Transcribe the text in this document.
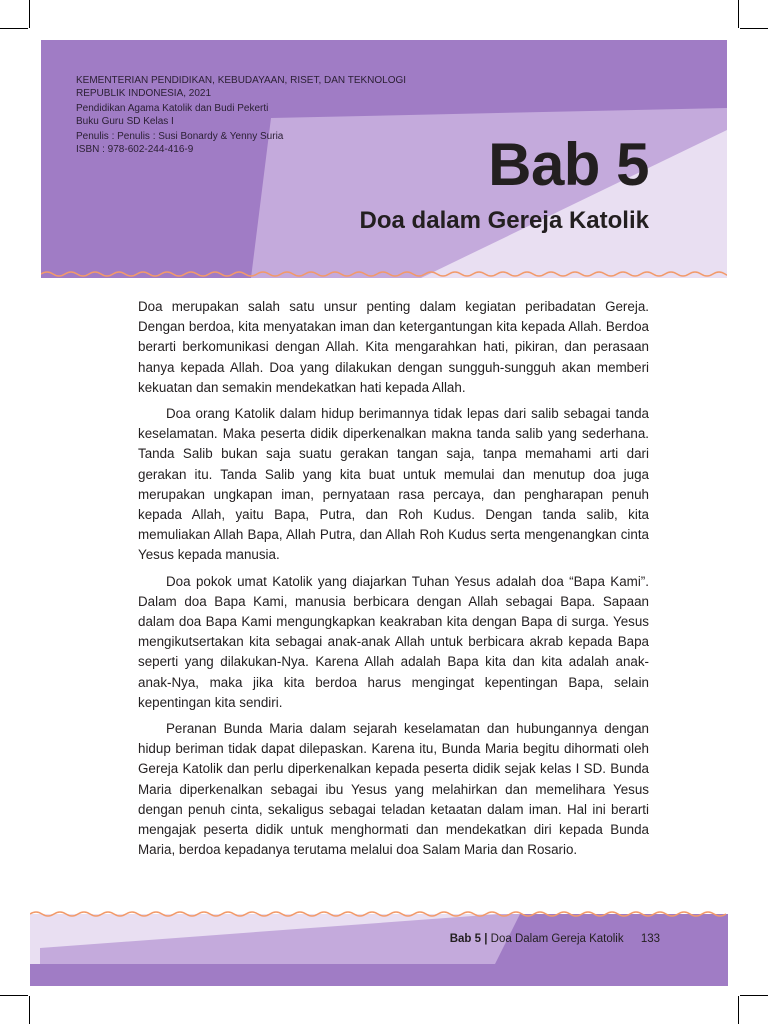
KEMENTERIAN PENDIDIKAN, KEBUDAYAAN, RISET, DAN TEKNOLOGI
REPUBLIK INDONESIA, 2021
Pendidikan Agama Katolik dan Budi Pekerti
Buku Guru SD Kelas I
Penulis : Penulis : Susi Bonardy & Yenny Suria
ISBN : 978-602-244-416-9	Bab 5
Doa dalam Gereja Katolik

Doa merupakan salah satu unsur penting dalam kegiatan peribadatan Gereja. Dengan berdoa, kita menyatakan iman dan ketergantungan kita kepada Allah. Berdoa berarti berkomunikasi dengan Allah. Kita mengarahkan hati, pikiran, dan perasaan hanya kepada Allah. Doa yang dilakukan dengan sungguh-sungguh akan memberi kekuatan dan semakin mendekatkan hati kepada Allah.

Doa orang Katolik dalam hidup berimannya tidak lepas dari salib sebagai tanda keselamatan. Maka peserta didik diperkenalkan makna tanda salib yang sederhana. Tanda Salib bukan saja suatu gerakan tangan saja, tanpa memahami arti dari gerakan itu. Tanda Salib yang kita buat untuk memulai dan menutup doa juga merupakan ungkapan iman, pernyataan rasa percaya, dan pengharapan penuh kepada Allah, yaitu Bapa, Putra, dan Roh Kudus. Dengan tanda salib, kita memuliakan Allah Bapa, Allah Putra, dan Allah Roh Kudus serta mengenangkan cinta Yesus kepada manusia.

Doa pokok umat Katolik yang diajarkan Tuhan Yesus adalah doa “Bapa Kami”. Dalam doa Bapa Kami, manusia berbicara dengan Allah sebagai Bapa. Sapaan dalam doa Bapa Kami mengungkapkan keakraban kita dengan Bapa di surga. Yesus mengikutsertakan kita sebagai anak-anak Allah untuk berbicara akrab kepada Bapa seperti yang dilakukan-Nya. Karena Allah adalah Bapa kita dan kita adalah anak-anak-Nya, maka jika kita berdoa harus mengingat kepentingan Bapa, selain kepentingan kita sendiri.

Peranan Bunda Maria dalam sejarah keselamatan dan hubungannya dengan hidup beriman tidak dapat dilepaskan. Karena itu, Bunda Maria begitu dihormati oleh Gereja Katolik dan perlu diperkenalkan kepada peserta didik sejak kelas I SD. Bunda Maria diperkenalkan sebagai ibu Yesus yang melahirkan dan memelihara Yesus dengan penuh cinta, sekaligus sebagai teladan ketaatan dalam iman. Hal ini berarti mengajak peserta didik untuk menghormati dan mendekatkan diri kepada Bunda Maria, berdoa kepadanya terutama melalui doa Salam Maria dan Rosario.

Bab 5 | Doa Dalam Gereja Katolik 133
